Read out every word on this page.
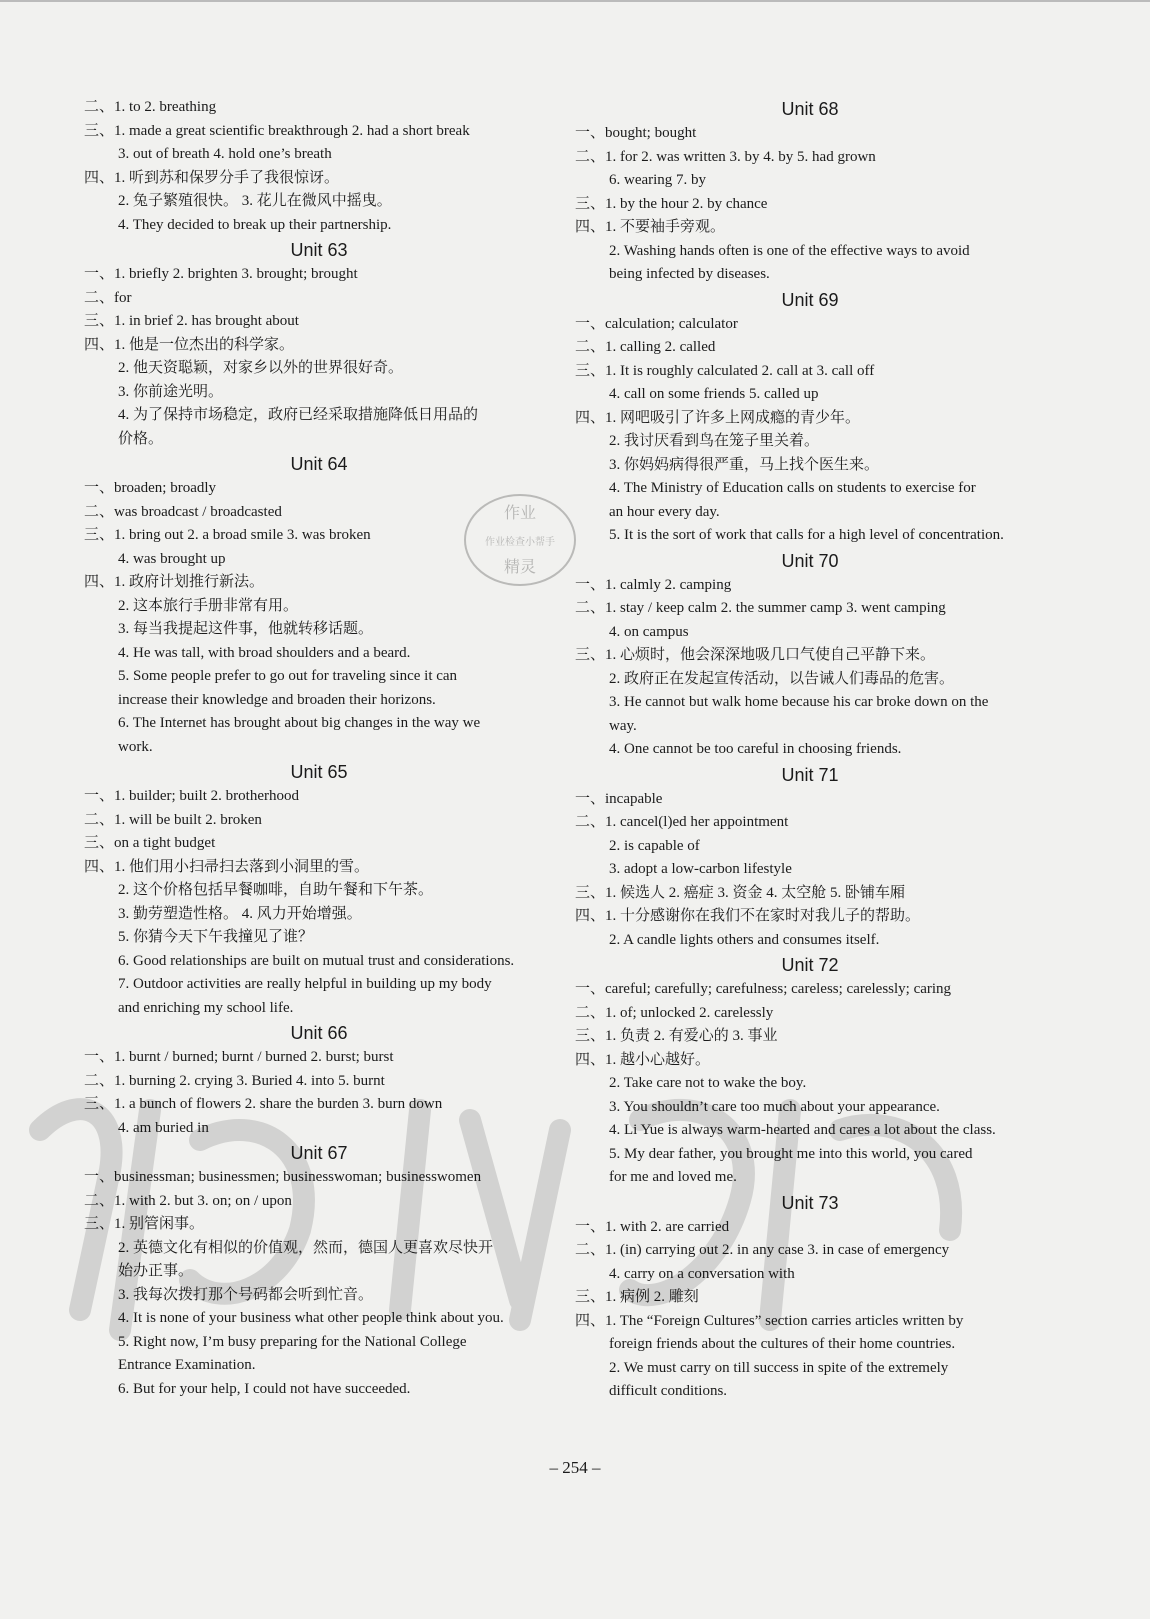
二、 1. to 2. breathing
三、 1. made a great scientific breakthrough 2. had a short break
3. out of breath 4. hold one’s breath
四、 1. 听到苏和保罗分手了我很惊讶。
2. 兔子繁殖很快。 3. 花儿在微风中摇曳。
4. They decided to break up their partnership.
Unit 63
一、 1. briefly 2. brighten 3. brought; brought
二、 for
三、 1. in brief 2. has brought about
四、 1. 他是一位杰出的科学家。
2. 他天资聪颖，对家乡以外的世界很好奇。
3. 你前途光明。
4. 为了保持市场稳定，政府已经采取措施降低日用品的
价格。
Unit 64
一、 broaden; broadly
二、 was broadcast / broadcasted
三、 1. bring out 2. a broad smile 3. was broken
4. was brought up
四、 1. 政府计划推行新法。
2. 这本旅行手册非常有用。
3. 每当我提起这件事，他就转移话题。
4. He was tall, with broad shoulders and a beard.
5. Some people prefer to go out for traveling since it can
increase their knowledge and broaden their horizons.
6. The Internet has brought about big changes in the way we
work.
Unit 65
一、 1. builder; built 2. brotherhood
二、 1. will be built 2. broken
三、 on a tight budget
四、 1. 他们用小扫帚扫去落到小洞里的雪。
2. 这个价格包括早餐咖啡，自助午餐和下午茶。
3. 勤劳塑造性格。 4. 风力开始增强。
5. 你猜今天下午我撞见了谁？
6. Good relationships are built on mutual trust and considerations.
7. Outdoor activities are really helpful in building up my body
and enriching my school life.
Unit 66
一、 1. burnt / burned; burnt / burned 2. burst; burst
二、 1. burning 2. crying 3. Buried 4. into 5. burnt
三、 1. a bunch of flowers 2. share the burden 3. burn down
4. am buried in
Unit 67
一、 businessman; businessmen; businesswoman; businesswomen
二、 1. with 2. but 3. on; on / upon
三、 1. 别管闲事。
2. 英德文化有相似的价值观，然而，德国人更喜欢尽快开
始办正事。
3. 我每次拨打那个号码都会听到忙音。
4. It is none of your business what other people think about you.
5. Right now, I’m busy preparing for the National College
Entrance Examination.
6. But for your help, I could not have succeeded.
Unit 68
一、 bought; bought
二、 1. for 2. was written 3. by 4. by 5. had grown
6. wearing 7. by
三、 1. by the hour 2. by chance
四、 1. 不要袖手旁观。
2. Washing hands often is one of the effective ways to avoid
being infected by diseases.
Unit 69
一、 calculation; calculator
二、 1. calling 2. called
三、 1. It is roughly calculated 2. call at 3. call off
4. call on some friends 5. called up
四、 1. 网吧吸引了许多上网成瘾的青少年。
2. 我讨厌看到鸟在笼子里关着。
3. 你妈妈病得很严重，马上找个医生来。
4. The Ministry of Education calls on students to exercise for
an hour every day.
5. It is the sort of work that calls for a high level of concentration.
Unit 70
一、 1. calmly 2. camping
二、 1. stay / keep calm 2. the summer camp 3. went camping
4. on campus
三、 1. 心烦时，他会深深地吸几口气使自己平静下来。
2. 政府正在发起宣传活动，以告诫人们毒品的危害。
3. He cannot but walk home because his car broke down on the
way.
4. One cannot be too careful in choosing friends.
Unit 71
一、 incapable
二、 1. cancel(l)ed her appointment
2. is capable of
3. adopt a low-carbon lifestyle
三、 1. 候选人 2. 癌症 3. 资金 4. 太空舱 5. 卧铺车厢
四、 1. 十分感谢你在我们不在家时对我儿子的帮助。
2. A candle lights others and consumes itself.
Unit 72
一、 careful; carefully; carefulness; careless; carelessly; caring
二、 1. of; unlocked 2. carelessly
三、 1. 负责 2. 有爱心的 3. 事业
四、 1. 越小心越好。
2. Take care not to wake the boy.
3. You shouldn’t care too much about your appearance.
4. Li Yue is always warm-hearted and cares a lot about the class.
5. My dear father, you brought me into this world, you cared
for me and loved me.
Unit 73
一、 1. with 2. are carried
二、 1. (in) carrying out 2. in any case 3. in case of emergency
4. carry on a conversation with
三、 1. 病例 2. 雕刻
四、 1. The “Foreign Cultures” section carries articles written by
foreign friends about the cultures of their home countries.
2. We must carry on till success in spite of the extremely
difficult conditions.
作业
作业检查小帮手
精灵
– 254 –
